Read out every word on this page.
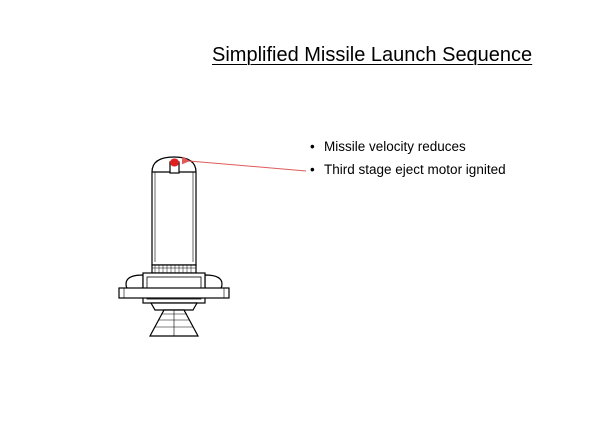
Simplified Missile Launch Sequence
• Missile velocity reduces
• Third stage eject motor ignited
